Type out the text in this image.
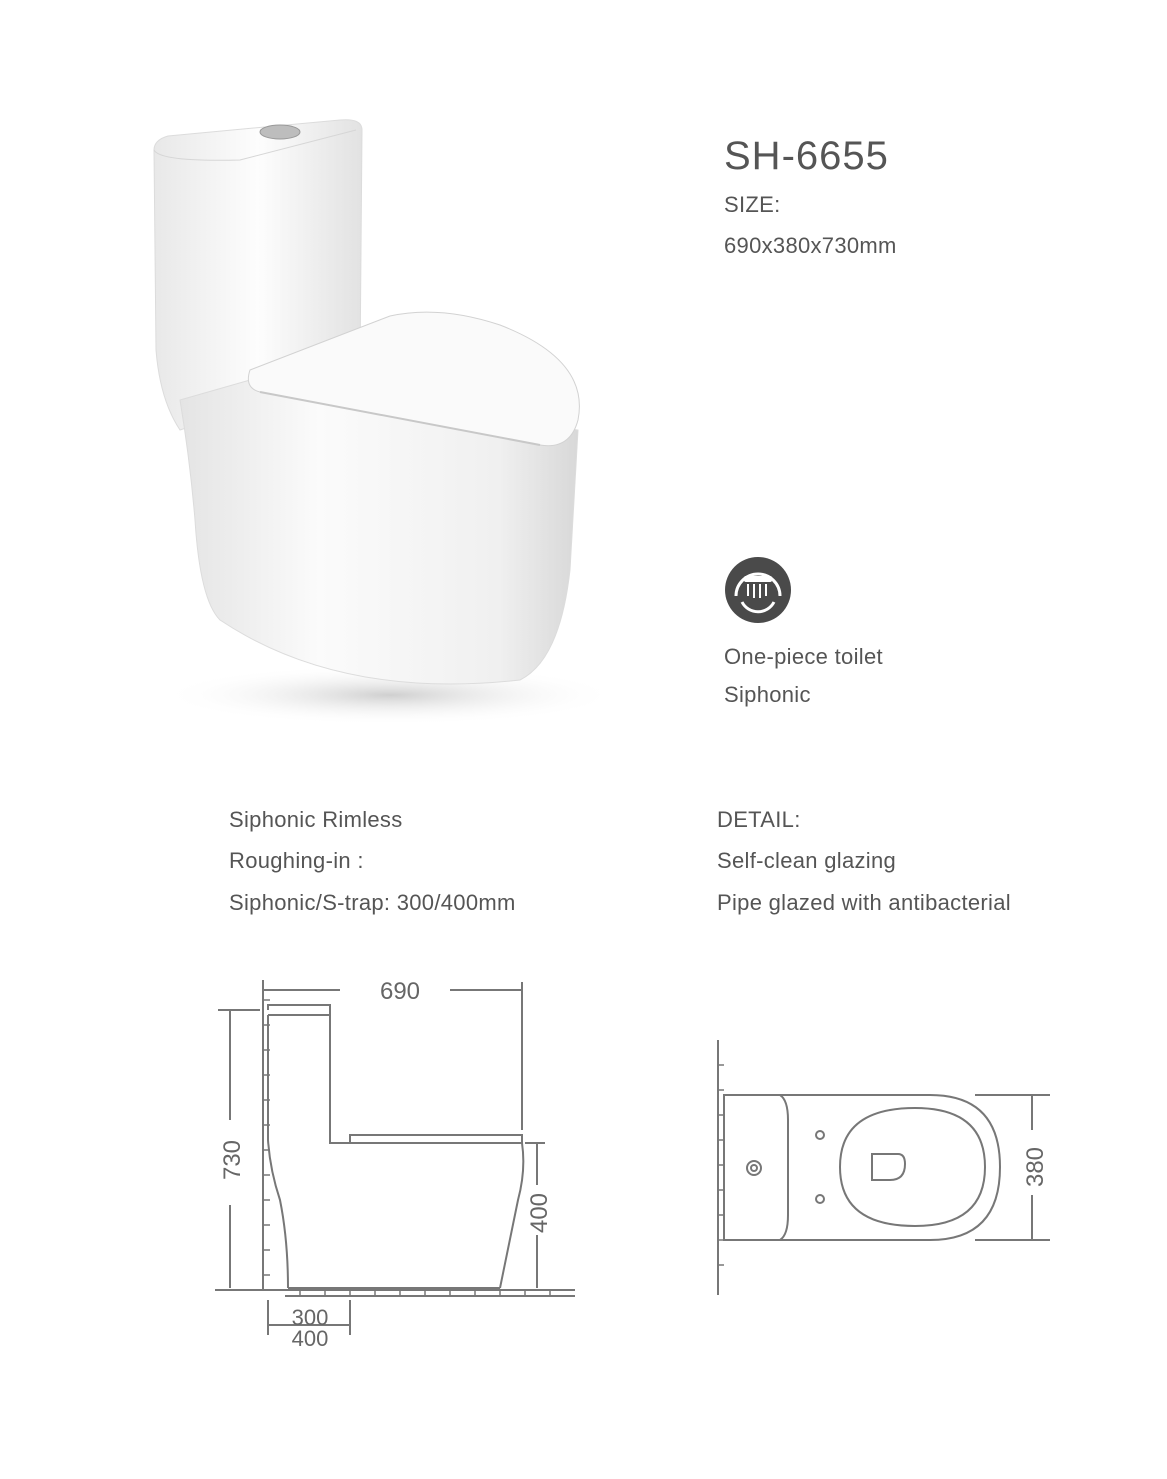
SH-6655
SIZE:
690x380x730mm
One-piece toilet
Siphonic
Siphonic Rimless
Roughing-in :
Siphonic/S-trap: 300/400mm
DETAIL:
Self-clean glazing
Pipe glazed with antibacterial
690
730
400
300
400
380
